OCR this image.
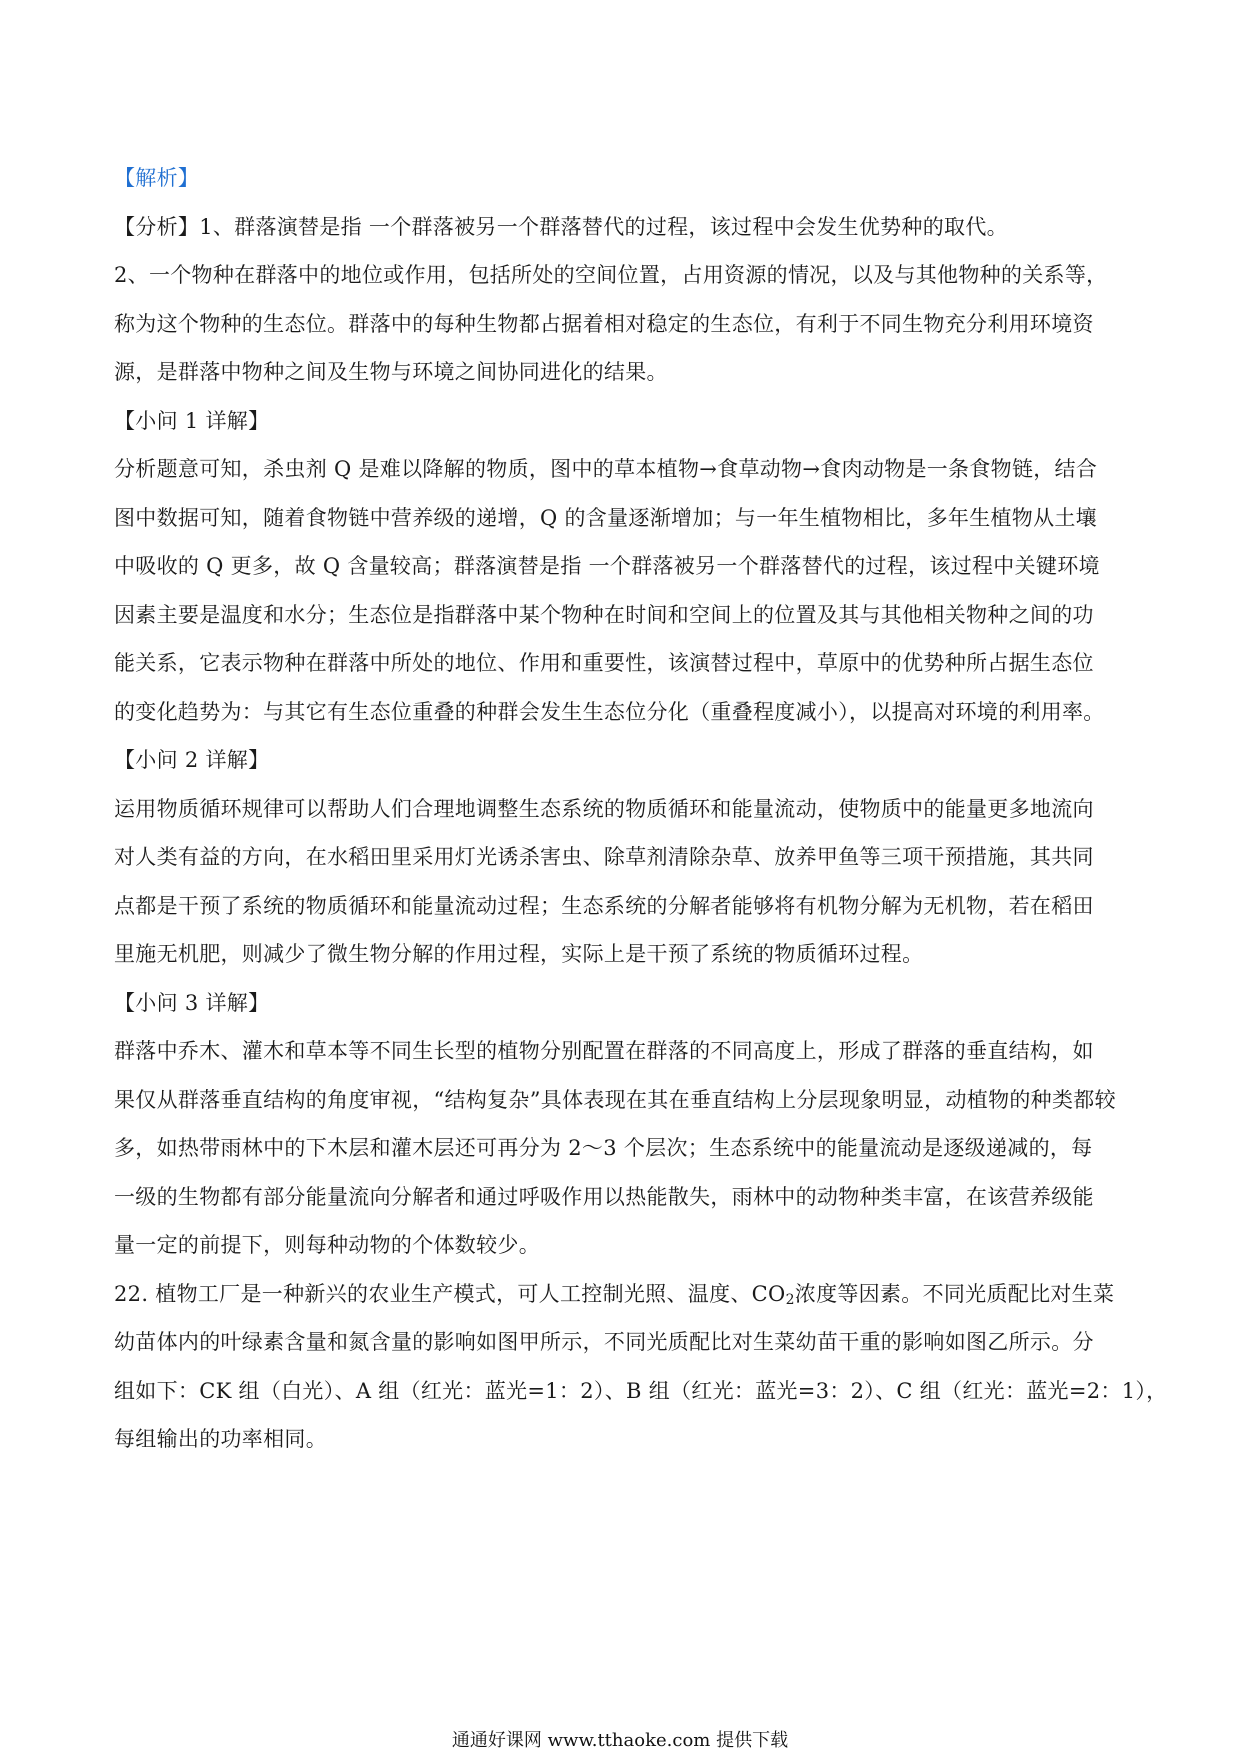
【解析】
【分析】1、群落演替是指 一个群落被另一个群落替代的过程，该过程中会发生优势种的取代。
2、一个物种在群落中的地位或作用，包括所处的空间位置，占用资源的情况，以及与其他物种的关系等，
称为这个物种的生态位。群落中的每种生物都占据着相对稳定的生态位，有利于不同生物充分利用环境资
源，是群落中物种之间及生物与环境之间协同进化的结果。
【小问 1 详解】
分析题意可知，杀虫剂 Q 是难以降解的物质，图中的草本植物→食草动物→食肉动物是一条食物链，结合
图中数据可知，随着食物链中营养级的递增，Q 的含量逐渐增加；与一年生植物相比，多年生植物从土壤
中吸收的 Q 更多，故 Q 含量较高；群落演替是指 一个群落被另一个群落替代的过程，该过程中关键环境
因素主要是温度和水分；生态位是指群落中某个物种在时间和空间上的位置及其与其他相关物种之间的功
能关系，它表示物种在群落中所处的地位、作用和重要性，该演替过程中，草原中的优势种所占据生态位
的变化趋势为：与其它有生态位重叠的种群会发生生态位分化（重叠程度减小），以提高对环境的利用率。
【小问 2 详解】
运用物质循环规律可以帮助人们合理地调整生态系统的物质循环和能量流动，使物质中的能量更多地流向
对人类有益的方向，在水稻田里采用灯光诱杀害虫、除草剂清除杂草、放养甲鱼等三项干预措施，其共同
点都是干预了系统的物质循环和能量流动过程；生态系统的分解者能够将有机物分解为无机物，若在稻田
里施无机肥，则减少了微生物分解的作用过程，实际上是干预了系统的物质循环过程。
【小问 3 详解】
群落中乔木、灌木和草本等不同生长型的植物分别配置在群落的不同高度上，形成了群落的垂直结构，如
果仅从群落垂直结构的角度审视，“结构复杂”具体表现在其在垂直结构上分层现象明显，动植物的种类都较
多，如热带雨林中的下木层和灌木层还可再分为 2～3 个层次；生态系统中的能量流动是逐级递减的，每
一级的生物都有部分能量流向分解者和通过呼吸作用以热能散失，雨林中的动物种类丰富，在该营养级能
量一定的前提下，则每种动物的个体数较少。
22. 植物工厂是一种新兴的农业生产模式，可人工控制光照、温度、$CO_2$浓度等因素。不同光质配比对生菜
幼苗体内的叶绿素含量和氮含量的影响如图甲所示，不同光质配比对生菜幼苗干重的影响如图乙所示。分
组如下：CK 组（白光）、A 组（红光：蓝光=1：2）、B 组（红光：蓝光=3：2）、C 组（红光：蓝光=2：1），
每组输出的功率相同。
通通好课网 www.tthaoke.com 提供下载
